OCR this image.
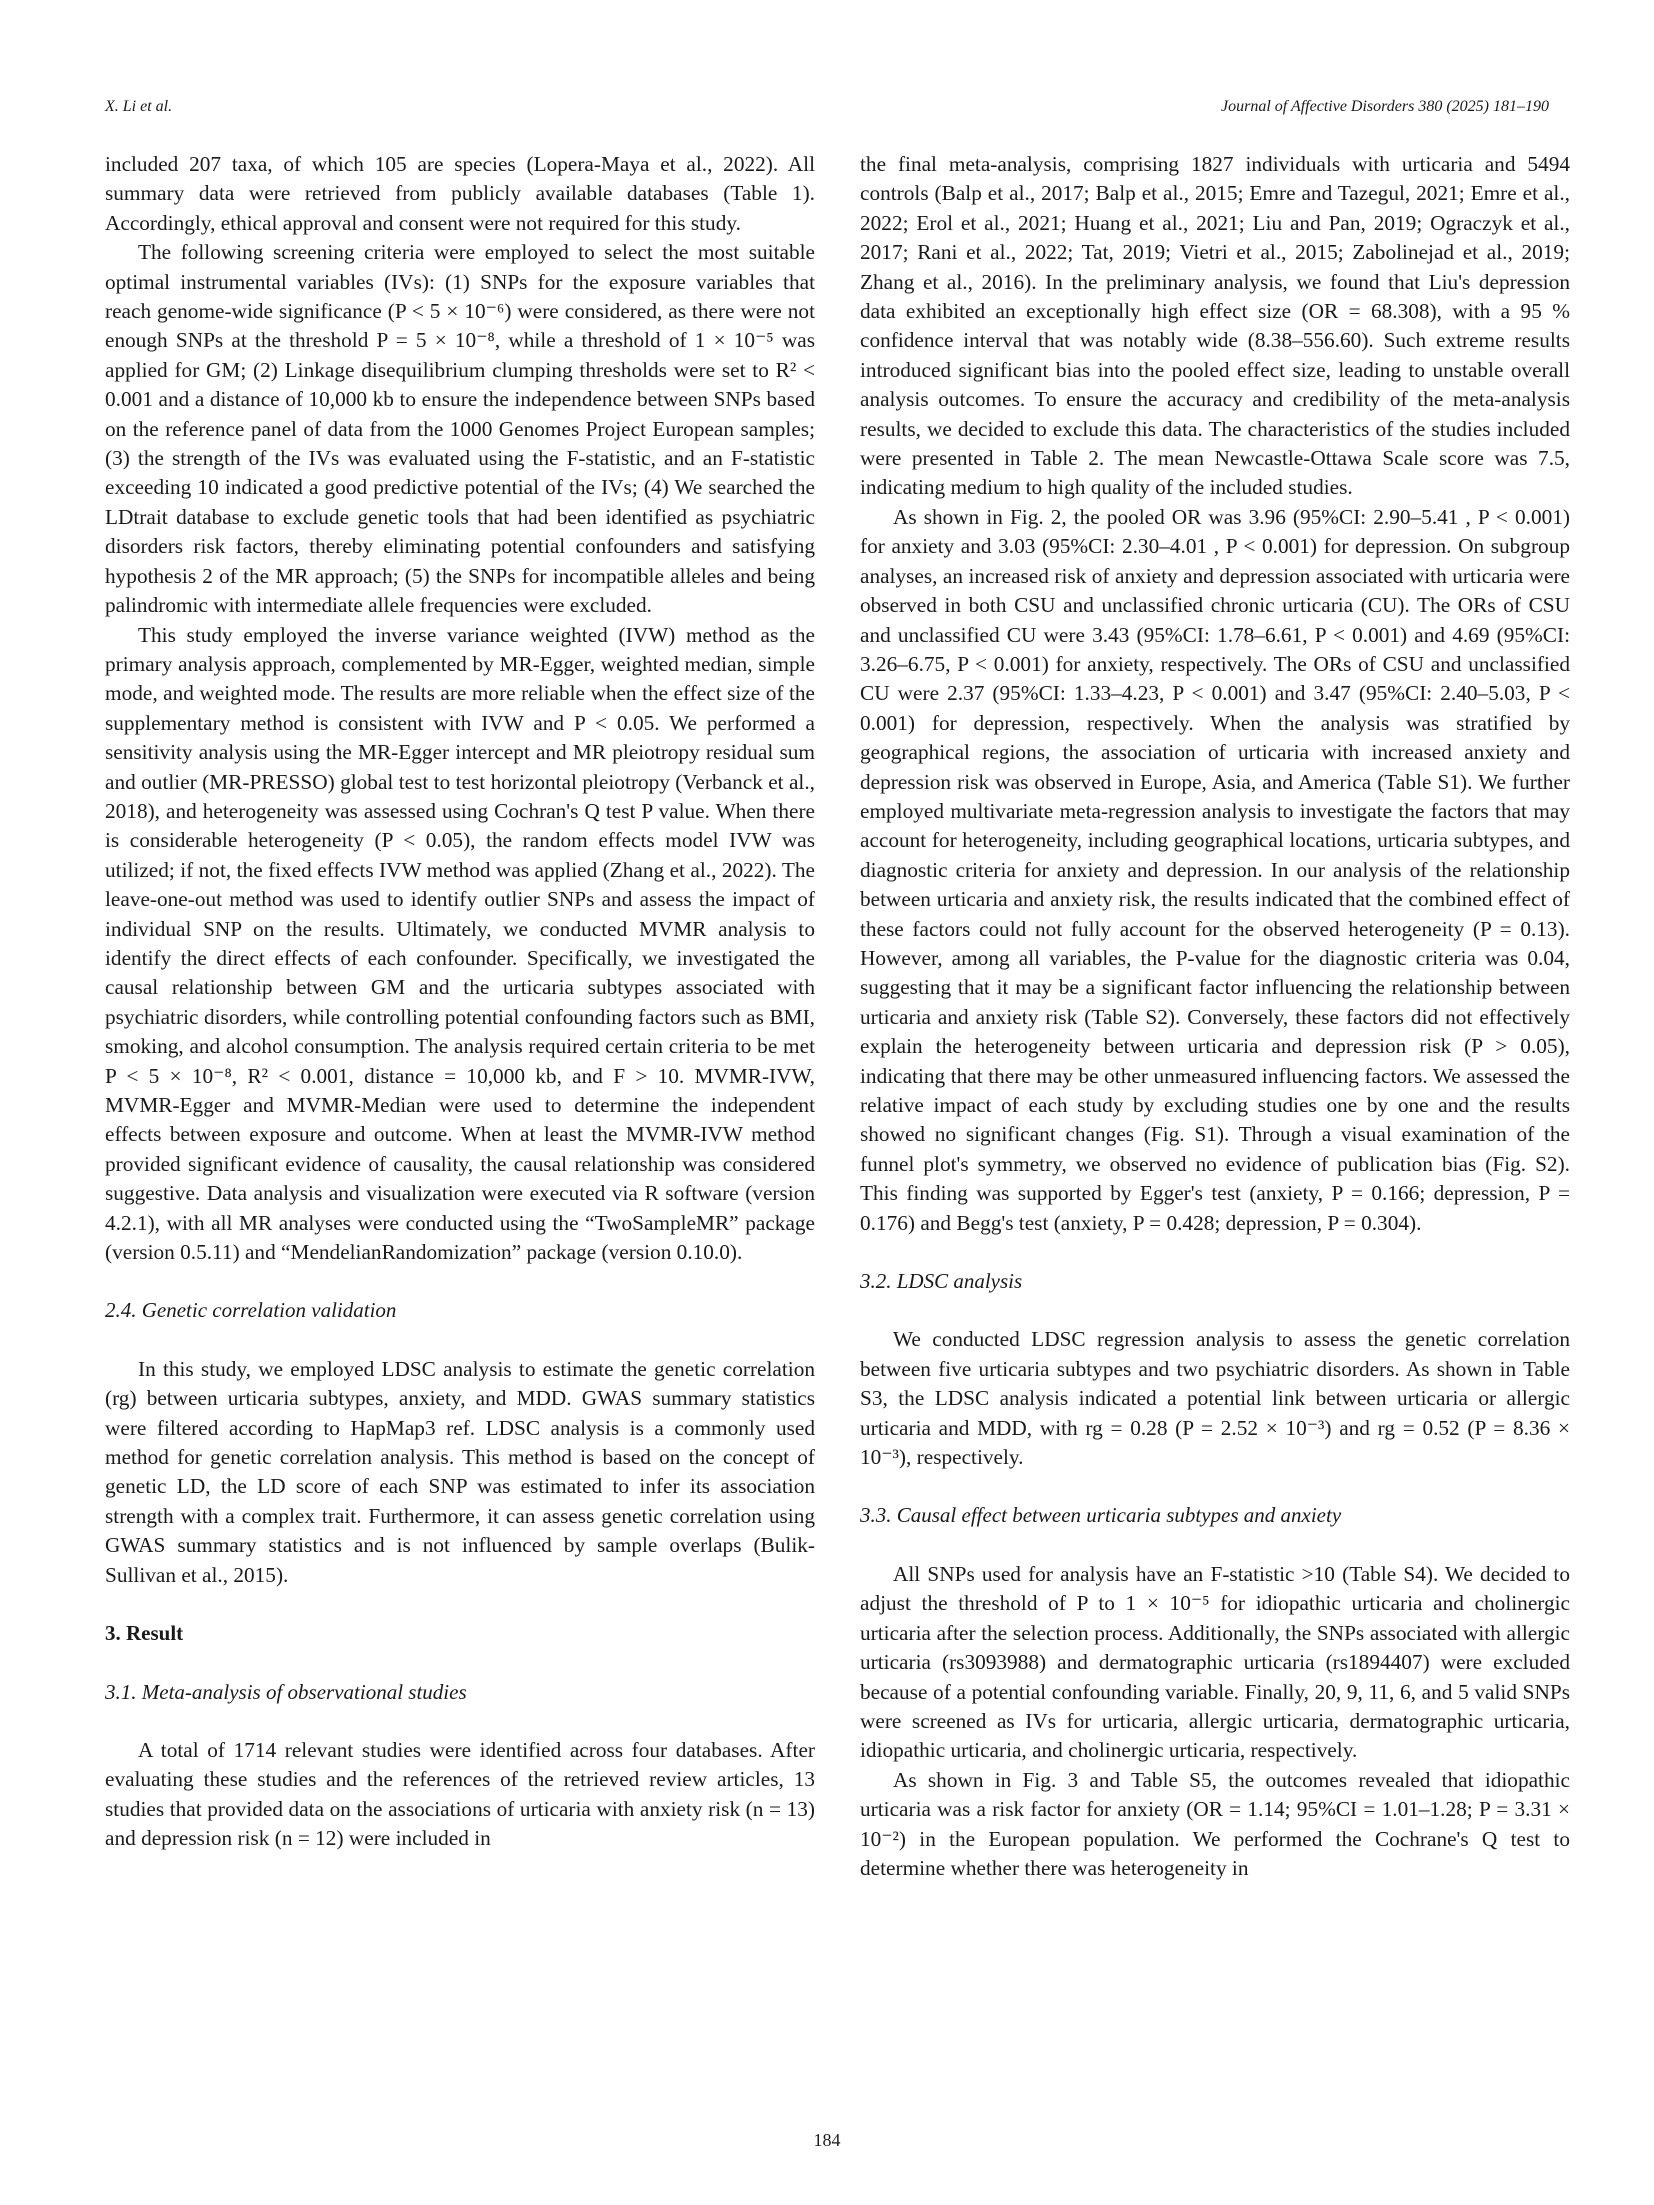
X. Li et al.	Journal of Affective Disorders 380 (2025) 181–190

included 207 taxa, of which 105 are species (Lopera-Maya et al., 2022). All summary data were retrieved from publicly available databases (Table 1). Accordingly, ethical approval and consent were not required for this study.

The following screening criteria were employed to select the most suitable optimal instrumental variables (IVs): (1) SNPs for the exposure variables that reach genome-wide significance (P < 5 × 10⁻⁶) were considered, as there were not enough SNPs at the threshold P = 5 × 10⁻⁸, while a threshold of 1 × 10⁻⁵ was applied for GM; (2) Linkage disequilibrium clumping thresholds were set to R² < 0.001 and a distance of 10,000 kb to ensure the independence between SNPs based on the reference panel of data from the 1000 Genomes Project European samples; (3) the strength of the IVs was evaluated using the F-statistic, and an F-statistic exceeding 10 indicated a good predictive potential of the IVs; (4) We searched the LDtrait database to exclude genetic tools that had been identified as psychiatric disorders risk factors, thereby eliminating potential confounders and satisfying hypothesis 2 of the MR approach; (5) the SNPs for incompatible alleles and being palindromic with intermediate allele frequencies were excluded.

This study employed the inverse variance weighted (IVW) method as the primary analysis approach, complemented by MR-Egger, weighted median, simple mode, and weighted mode. The results are more reliable when the effect size of the supplementary method is consistent with IVW and P < 0.05. We performed a sensitivity analysis using the MR-Egger intercept and MR pleiotropy residual sum and outlier (MR-PRESSO) global test to test horizontal pleiotropy (Verbanck et al., 2018), and heterogeneity was assessed using Cochran's Q test P value. When there is considerable heterogeneity (P < 0.05), the random effects model IVW was utilized; if not, the fixed effects IVW method was applied (Zhang et al., 2022). The leave-one-out method was used to identify outlier SNPs and assess the impact of individual SNP on the results. Ultimately, we conducted MVMR analysis to identify the direct effects of each confounder. Specifically, we investigated the causal relationship between GM and the urticaria subtypes associated with psychiatric disorders, while controlling potential confounding factors such as BMI, smoking, and alcohol consumption. The analysis required certain criteria to be met P < 5 × 10⁻⁸, R² < 0.001, distance = 10,000 kb, and F > 10. MVMR-IVW, MVMR-Egger and MVMR-Median were used to determine the independent effects between exposure and outcome. When at least the MVMR-IVW method provided significant evidence of causality, the causal relationship was considered suggestive. Data analysis and visualization were executed via R software (version 4.2.1), with all MR analyses were conducted using the “TwoSampleMR” package (version 0.5.11) and “MendelianRandomization” package (version 0.10.0).

2.4. Genetic correlation validation

In this study, we employed LDSC analysis to estimate the genetic correlation (rg) between urticaria subtypes, anxiety, and MDD. GWAS summary statistics were filtered according to HapMap3 ref. LDSC analysis is a commonly used method for genetic correlation analysis. This method is based on the concept of genetic LD, the LD score of each SNP was estimated to infer its association strength with a complex trait. Furthermore, it can assess genetic correlation using GWAS summary statistics and is not influenced by sample overlaps (Bulik-Sullivan et al., 2015).

3. Result

3.1. Meta-analysis of observational studies

A total of 1714 relevant studies were identified across four databases. After evaluating these studies and the references of the retrieved review articles, 13 studies that provided data on the associations of urticaria with anxiety risk (n = 13) and depression risk (n = 12) were included in

the final meta-analysis, comprising 1827 individuals with urticaria and 5494 controls (Balp et al., 2017; Balp et al., 2015; Emre and Tazegul, 2021; Emre et al., 2022; Erol et al., 2021; Huang et al., 2021; Liu and Pan, 2019; Ograczyk et al., 2017; Rani et al., 2022; Tat, 2019; Vietri et al., 2015; Zabolinejad et al., 2019; Zhang et al., 2016). In the preliminary analysis, we found that Liu's depression data exhibited an exceptionally high effect size (OR = 68.308), with a 95 % confidence interval that was notably wide (8.38–556.60). Such extreme results introduced significant bias into the pooled effect size, leading to unstable overall analysis outcomes. To ensure the accuracy and credibility of the meta-analysis results, we decided to exclude this data. The characteristics of the studies included were presented in Table 2. The mean Newcastle-Ottawa Scale score was 7.5, indicating medium to high quality of the included studies.

As shown in Fig. 2, the pooled OR was 3.96 (95%CI: 2.90–5.41 , P < 0.001) for anxiety and 3.03 (95%CI: 2.30–4.01 , P < 0.001) for depression. On subgroup analyses, an increased risk of anxiety and depression associated with urticaria were observed in both CSU and unclassified chronic urticaria (CU). The ORs of CSU and unclassified CU were 3.43 (95%CI: 1.78–6.61, P < 0.001) and 4.69 (95%CI: 3.26–6.75, P < 0.001) for anxiety, respectively. The ORs of CSU and unclassified CU were 2.37 (95%CI: 1.33–4.23, P < 0.001) and 3.47 (95%CI: 2.40–5.03, P < 0.001) for depression, respectively. When the analysis was stratified by geographical regions, the association of urticaria with increased anxiety and depression risk was observed in Europe, Asia, and America (Table S1). We further employed multivariate meta-regression analysis to investigate the factors that may account for heterogeneity, including geographical locations, urticaria subtypes, and diagnostic criteria for anxiety and depression. In our analysis of the relationship between urticaria and anxiety risk, the results indicated that the combined effect of these factors could not fully account for the observed heterogeneity (P = 0.13). However, among all variables, the P-value for the diagnostic criteria was 0.04, suggesting that it may be a significant factor influencing the relationship between urticaria and anxiety risk (Table S2). Conversely, these factors did not effectively explain the heterogeneity between urticaria and depression risk (P > 0.05), indicating that there may be other unmeasured influencing factors. We assessed the relative impact of each study by excluding studies one by one and the results showed no significant changes (Fig. S1). Through a visual examination of the funnel plot's symmetry, we observed no evidence of publication bias (Fig. S2). This finding was supported by Egger's test (anxiety, P = 0.166; depression, P = 0.176) and Begg's test (anxiety, P = 0.428; depression, P = 0.304).

3.2. LDSC analysis

We conducted LDSC regression analysis to assess the genetic correlation between five urticaria subtypes and two psychiatric disorders. As shown in Table S3, the LDSC analysis indicated a potential link between urticaria or allergic urticaria and MDD, with rg = 0.28 (P = 2.52 × 10⁻³) and rg = 0.52 (P = 8.36 × 10⁻³), respectively.

3.3. Causal effect between urticaria subtypes and anxiety

All SNPs used for analysis have an F-statistic >10 (Table S4). We decided to adjust the threshold of P to 1 × 10⁻⁵ for idiopathic urticaria and cholinergic urticaria after the selection process. Additionally, the SNPs associated with allergic urticaria (rs3093988) and dermatographic urticaria (rs1894407) were excluded because of a potential confounding variable. Finally, 20, 9, 11, 6, and 5 valid SNPs were screened as IVs for urticaria, allergic urticaria, dermatographic urticaria, idiopathic urticaria, and cholinergic urticaria, respectively.

As shown in Fig. 3 and Table S5, the outcomes revealed that idiopathic urticaria was a risk factor for anxiety (OR = 1.14; 95%CI = 1.01–1.28; P = 3.31 × 10⁻²) in the European population. We performed the Cochrane's Q test to determine whether there was heterogeneity in

184
